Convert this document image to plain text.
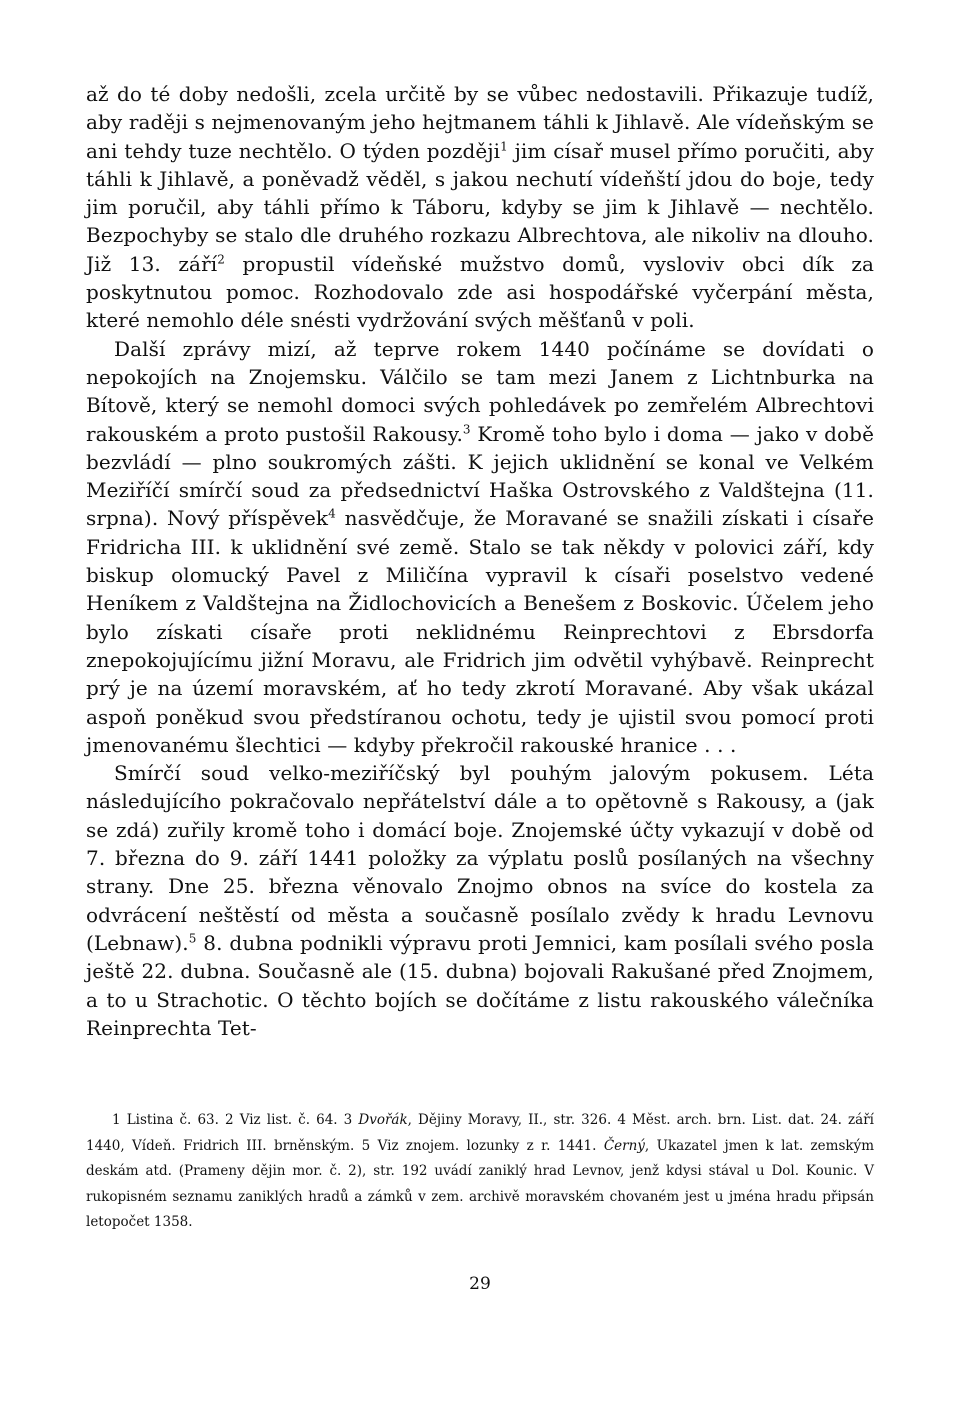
až do té doby nedošli, zcela určitě by se vůbec nedostavili. Přikazuje tudíž, aby raději s nejmenovaným jeho hejtmanem táhli k Jihlavě. Ale vídeňským se ani tehdy tuze nechtělo. O týden později$^1$ jim císař musel přímo poručiti, aby táhli k Jihlavě, a poněvadž věděl, s jakou nechutí vídeňští jdou do boje, tedy jim poručil, aby táhli přímo k Táboru, kdyby se jim k Jihlavě — nechtělo. Bezpochyby se stalo dle druhého rozkazu Albrechtova, ale nikoliv na dlouho. Již 13. září$^2$ propustil vídeňské mužstvo domů, vysloviv obci dík za poskytnutou pomoc. Rozhodovalo zde asi hospodářské vyčerpání města, které nemohlo déle snésti vydržování svých měšťanů v poli.

Další zprávy mizí, až teprve rokem 1440 počínáme se dovídati o nepokojích na Znojemsku. Válčilo se tam mezi Janem z Lichtnburka na Bítově, který se nemohl domoci svých pohledávek po zemřelém Albrechtovi rakouském a proto pustošil Rakousy.$^3$ Kromě toho bylo i doma — jako v době bezvládí — plno soukromých zášti. K jejich uklidnění se konal ve Velkém Meziříčí smírčí soud za předsednictví Haška Ostrovského z Valdštejna (11. srpna). Nový příspěvek$^4$ nasvědčuje, že Moravané se snažili získati i císaře Fridricha III. k uklidnění své země. Stalo se tak někdy v polovici září, kdy biskup olomucký Pavel z Miličína vypravil k císaři poselstvo vedené Heníkem z Valdštejna na Židlochovicích a Benešem z Boskovic. Účelem jeho bylo získati císaře proti neklidnému Reinprechtovi z Ebrsdorfa znepokojujícímu jižní Moravu, ale Fridrich jim odvětil vyhýbavě. Reinprecht prý je na území moravském, ať ho tedy zkrotí Moravané. Aby však ukázal aspoň poněkud svou předstíranou ochotu, tedy je ujistil svou pomocí proti jmenovanému šlechtici — kdyby překročil rakouské hranice . . .

Smírčí soud velko-meziříčský byl pouhým jalovým pokusem. Léta následujícího pokračovalo nepřátelství dále a to opětovně s Rakousy, a (jak se zdá) zuřily kromě toho i domácí boje. Znojemské účty vykazují v době od 7. března do 9. září 1441 položky za výplatu poslů posílaných na všechny strany. Dne 25. března věnovalo Znojmo obnos na svíce do kostela za odvrácení neštěstí od města a současně posílalo zvědy k hradu Levnovu (Lebnaw).$^5$ 8. dubna podnikli výpravu proti Jemnici, kam posílali svého posla ještě 22. dubna. Současně ale (15. dubna) bojovali Rakušané před Znojmem, a to u Strachotic. O těchto bojích se dočítáme z listu rakouského válečníka Reinprechta Tet-

1 Listina č. 63. 2 Viz list. č. 64. 3 Dvořák, Dějiny Moravy, II., str. 326. 4 Měst. arch. brn. List. dat. 24. září 1440, Vídeň. Fridrich III. brněnským. 5 Viz znojem. lozunky z r. 1441. Černý, Ukazatel jmen k lat. zemským deskám atd. (Prameny dějin mor. č. 2), str. 192 uvádí zaniklý hrad Levnov, jenž kdysi stával u Dol. Kounic. V rukopisném seznamu zaniklých hradů a zámků v zem. archivě moravském chovaném jest u jména hradu připsán letopočet 1358.

29
